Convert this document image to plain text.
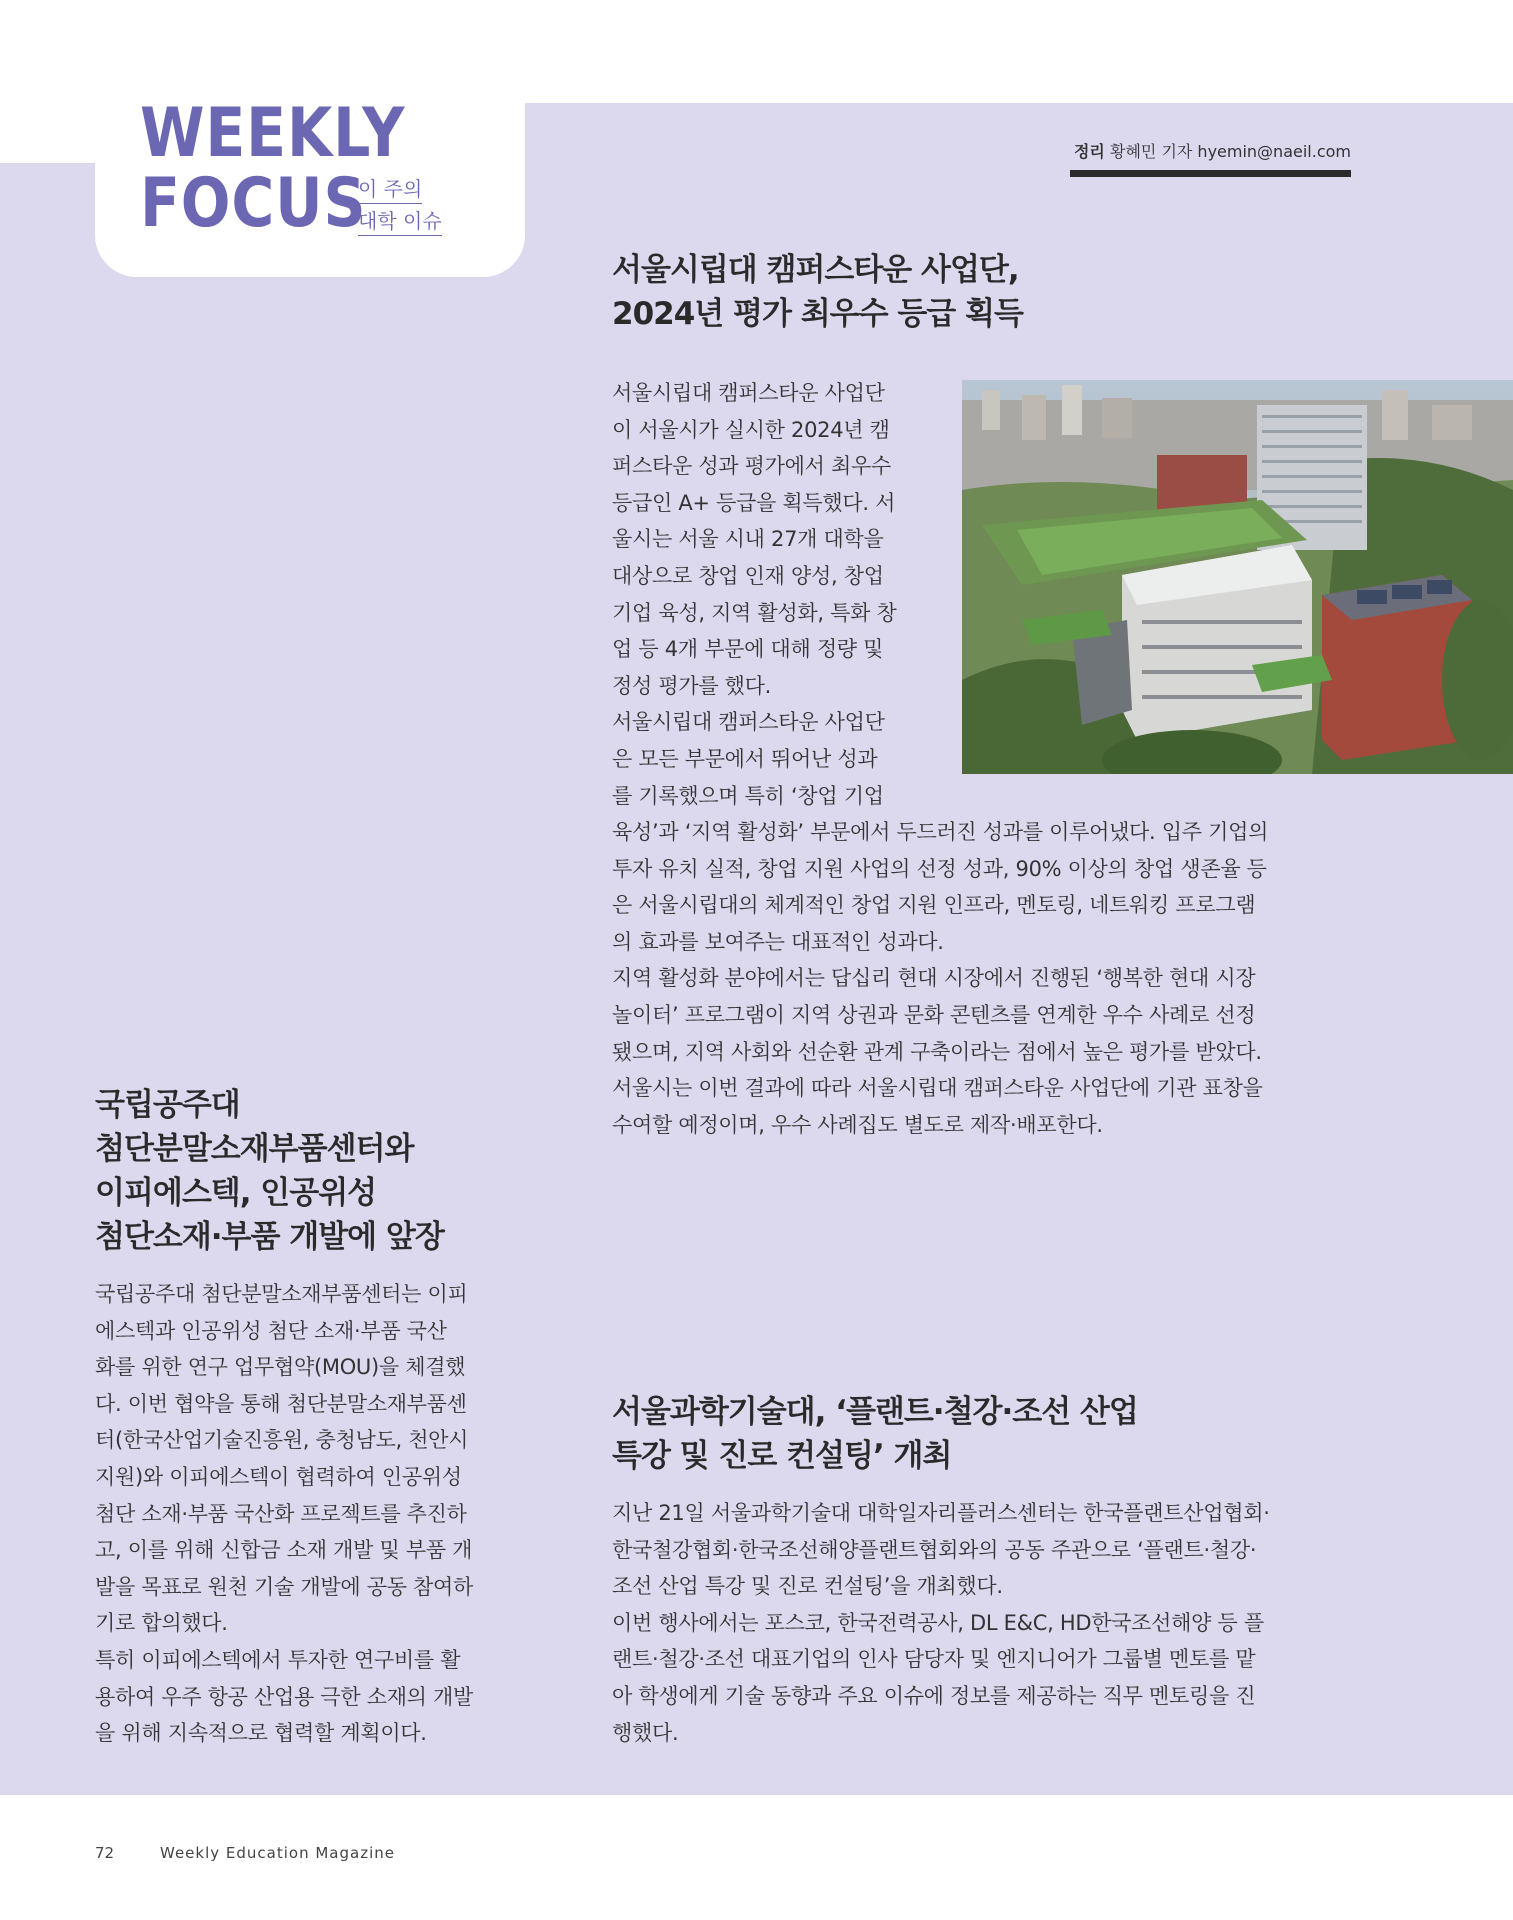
WEEKLY
FOCUS
이 주의
대학 이슈
정리 황혜민 기자 hyemin@naeil.com
서울시립대 캠퍼스타운 사업단,
2024년 평가 최우수 등급 획득
서울시립대 캠퍼스타운 사업단
이 서울시가 실시한 2024년 캠
퍼스타운 성과 평가에서 최우수
등급인 A+ 등급을 획득했다. 서
울시는 서울 시내 27개 대학을
대상으로 창업 인재 양성, 창업
기업 육성, 지역 활성화, 특화 창
업 등 4개 부문에 대해 정량 및
정성 평가를 했다.
서울시립대 캠퍼스타운 사업단
은 모든 부문에서 뛰어난 성과
를 기록했으며 특히 ‘창업 기업
육성’과 ‘지역 활성화’ 부문에서 두드러진 성과를 이루어냈다. 입주 기업의
투자 유치 실적, 창업 지원 사업의 선정 성과, 90% 이상의 창업 생존율 등
은 서울시립대의 체계적인 창업 지원 인프라, 멘토링, 네트워킹 프로그램
의 효과를 보여주는 대표적인 성과다.
지역 활성화 분야에서는 답십리 현대 시장에서 진행된 ‘행복한 현대 시장
놀이터’ 프로그램이 지역 상권과 문화 콘텐츠를 연계한 우수 사례로 선정
됐으며, 지역 사회와 선순환 관계 구축이라는 점에서 높은 평가를 받았다.
서울시는 이번 결과에 따라 서울시립대 캠퍼스타운 사업단에 기관 표창을
수여할 예정이며, 우수 사례집도 별도로 제작·배포한다.
국립공주대
첨단분말소재부품센터와
이피에스텍, 인공위성
첨단소재·부품 개발에 앞장
국립공주대 첨단분말소재부품센터는 이피
에스텍과 인공위성 첨단 소재·부품 국산
화를 위한 연구 업무협약(MOU)을 체결했
다. 이번 협약을 통해 첨단분말소재부품센
터(한국산업기술진흥원, 충청남도, 천안시
지원)와 이피에스텍이 협력하여 인공위성
첨단 소재·부품 국산화 프로젝트를 추진하
고, 이를 위해 신합금 소재 개발 및 부품 개
발을 목표로 원천 기술 개발에 공동 참여하
기로 합의했다.
특히 이피에스텍에서 투자한 연구비를 활
용하여 우주 항공 산업용 극한 소재의 개발
을 위해 지속적으로 협력할 계획이다.
서울과학기술대, ‘플랜트·철강·조선 산업
특강 및 진로 컨설팅’ 개최
지난 21일 서울과학기술대 대학일자리플러스센터는 한국플랜트산업협회·
한국철강협회·한국조선해양플랜트협회와의 공동 주관으로 ‘플랜트·철강·
조선 산업 특강 및 진로 컨설팅’을 개최했다.
이번 행사에서는 포스코, 한국전력공사, DL E&C, HD한국조선해양 등 플
랜트·철강·조선 대표기업의 인사 담당자 및 엔지니어가 그룹별 멘토를 맡
아 학생에게 기술 동향과 주요 이슈에 정보를 제공하는 직무 멘토링을 진
행했다.
72	Weekly Education Magazine
